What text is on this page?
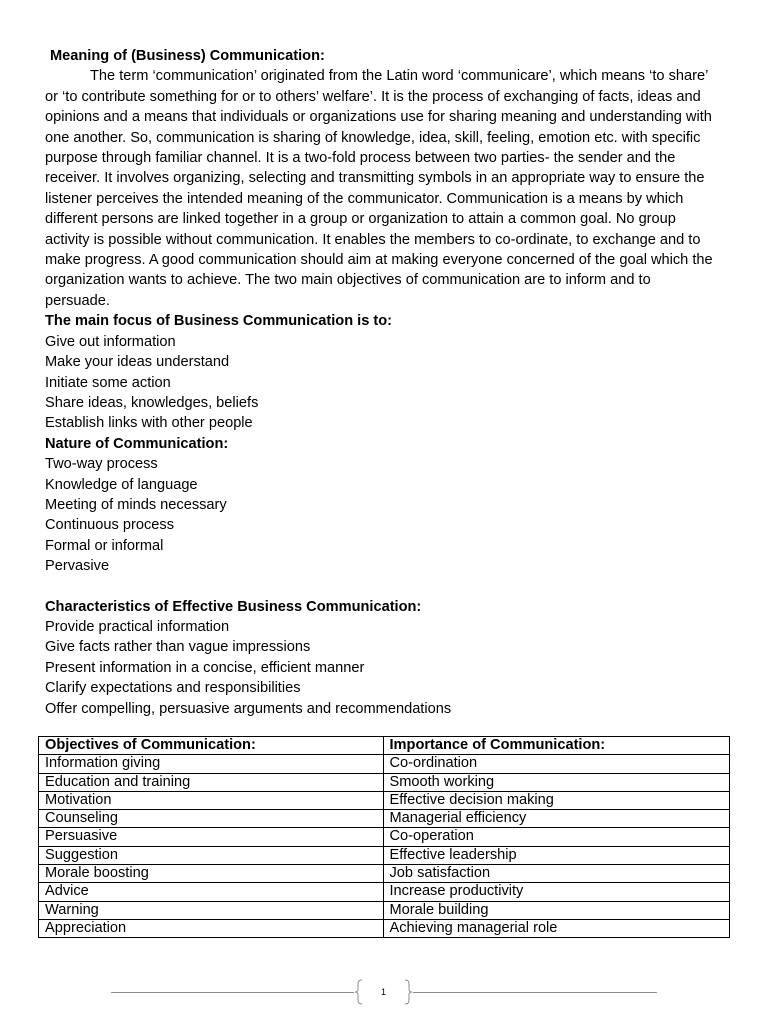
Meaning of (Business) Communication:

The term ‘communication’ originated from the Latin word ‘communicare’, which means ‘to share’ or ‘to contribute something for or to others’ welfare’. It is the process of exchanging of facts, ideas and opinions and a means that individuals or organizations use for sharing meaning and understanding with one another. So, communication is sharing of knowledge, idea, skill, feeling, emotion etc. with specific purpose through familiar channel. It is a two-fold process between two parties- the sender and the receiver. It involves organizing, selecting and transmitting symbols in an appropriate way to ensure the listener perceives the intended meaning of the communicator. Communication is a means by which different persons are linked together in a group or organization to attain a common goal. No group activity is possible without communication. It enables the members to co-ordinate, to exchange and to make progress. A good communication should aim at making everyone concerned of the goal which the organization wants to achieve. The two main objectives of communication are to inform and to persuade.

The main focus of Business Communication is to:

Give out information

Make your ideas understand

Initiate some action

Share ideas, knowledges, beliefs

Establish links with other people

Nature of Communication:

Two-way process

Knowledge of language

Meeting of minds necessary

Continuous process

Formal or informal

Pervasive

Characteristics of Effective Business Communication:

Provide practical information

Give facts rather than vague impressions

Present information in a concise, efficient manner

Clarify expectations and responsibilities

Offer compelling, persuasive arguments and recommendations

Objectives of Communication:	Importance of Communication:
Information giving	Co-ordination
Education and training	Smooth working
Motivation	Effective decision making
Counseling	Managerial efficiency
Persuasive	Co-operation
Suggestion	Effective leadership
Morale boosting	Job satisfaction
Advice	Increase productivity
Warning	Morale building
Appreciation	Achieving managerial role
1
